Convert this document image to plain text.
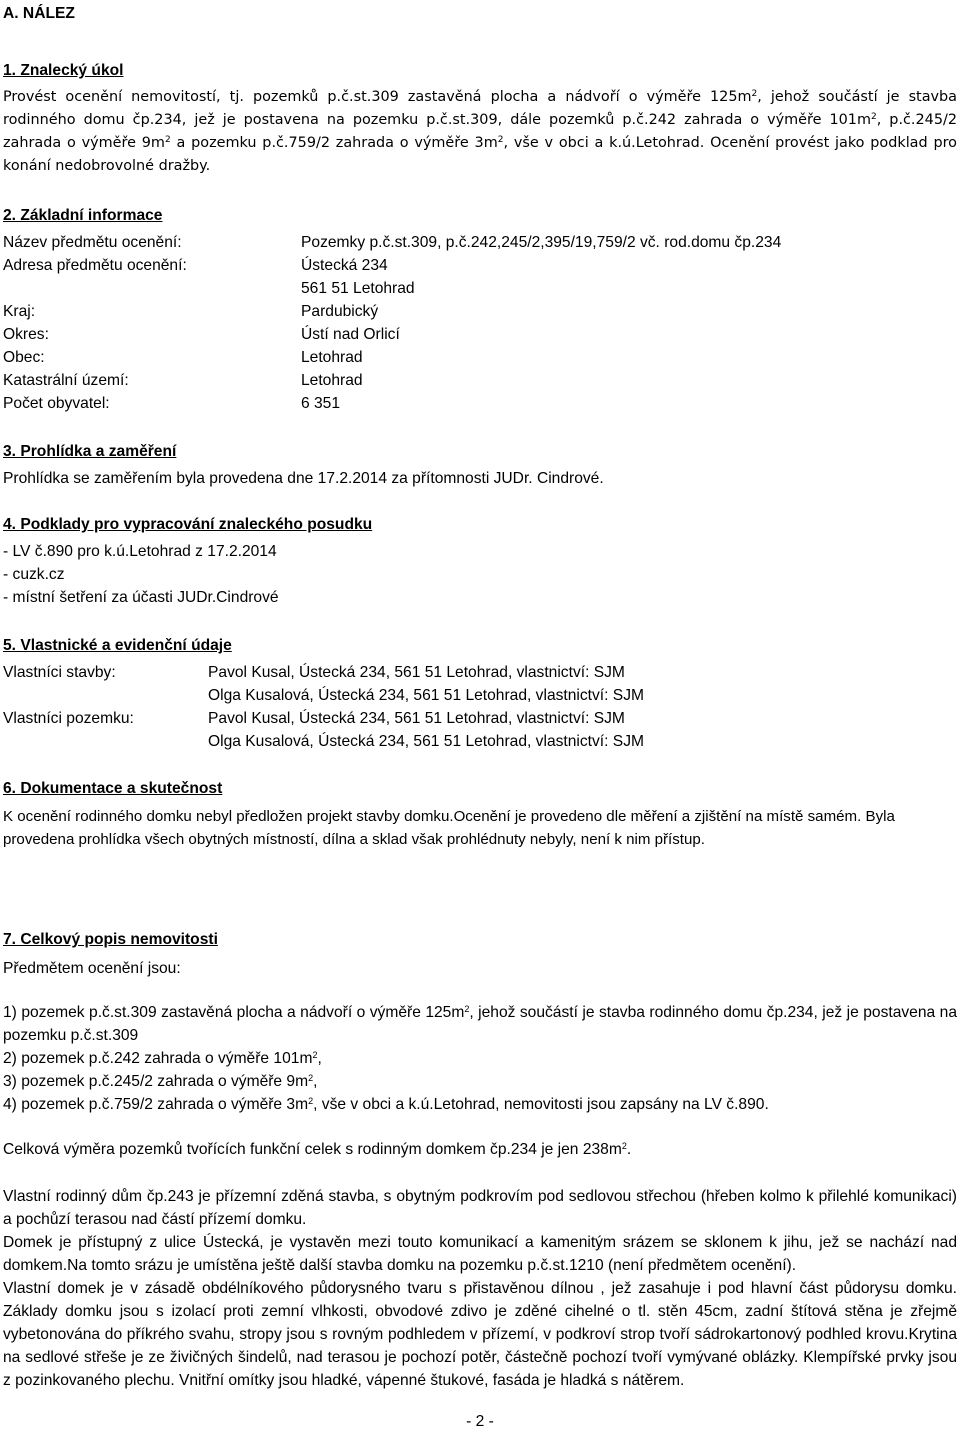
A. NÁLEZ
1. Znalecký úkol
Provést ocenění nemovitostí, tj. pozemků p.č.st.309 zastavěná plocha a nádvoří o výměře $125m^2$, jehož součástí je stavba rodinného domu čp.234, jež je postavena na pozemku p.č.st.309, dále pozemků p.č.242 zahrada o výměře $101m^2$, p.č.245/2 zahrada o výměře $9m^2$ a pozemku p.č.759/2 zahrada o výměře $3m^2$, vše v obci a k.ú.Letohrad. Ocenění provést jako podklad pro konání nedobrovolné dražby.
2. Základní informace
Název předmětu ocenění:	Pozemky p.č.st.309, p.č.242,245/2,395/19,759/2 vč. rod.domu čp.234
Adresa předmětu ocenění:	Ústecká 234
561 51 Letohrad
Kraj:	Pardubický
Okres:	Ústí nad Orlicí
Obec:	Letohrad
Katastrální území:	Letohrad
Počet obyvatel:	6 351
3. Prohlídka a zaměření
Prohlídka se zaměřením byla provedena dne 17.2.2014 za přítomnosti JUDr. Cindrové.
4. Podklady pro vypracování znaleckého posudku
- LV č.890 pro k.ú.Letohrad z 17.2.2014
- cuzk.cz
- místní šetření za účasti JUDr.Cindrové
5. Vlastnické a evidenční údaje
Vlastníci stavby:	Pavol Kusal, Ústecká 234, 561 51 Letohrad, vlastnictví: SJM
Olga Kusalová, Ústecká 234, 561 51 Letohrad, vlastnictví: SJM
Vlastníci pozemku:	Pavol Kusal, Ústecká 234, 561 51 Letohrad, vlastnictví: SJM
Olga Kusalová, Ústecká 234, 561 51 Letohrad, vlastnictví: SJM
6. Dokumentace a skutečnost
K ocenění rodinného domku nebyl předložen projekt stavby domku.Ocenění je provedeno dle měření a zjištění na místě samém. Byla provedena prohlídka všech obytných místností, dílna a sklad však prohlédnuty nebyly, není k nim přístup.
7. Celkový popis nemovitosti
Předmětem ocenění jsou:
1) pozemek p.č.st.309 zastavěná plocha a nádvoří o výměře $125m^2$, jehož součástí je stavba rodinného domu čp.234, jež je postavena na pozemku p.č.st.309
2) pozemek p.č.242 zahrada o výměře $101m^2$,
3) pozemek p.č.245/2 zahrada o výměře $9m^2$,
4) pozemek p.č.759/2 zahrada o výměře $3m^2$, vše v obci a k.ú.Letohrad, nemovitosti jsou zapsány na LV č.890.
Celková výměra pozemků tvořících funkční celek s rodinným domkem čp.234 je jen $238m^2$.
Vlastní rodinný dům čp.243 je přízemní zděná stavba, s obytným podkrovím pod sedlovou střechou (hřeben kolmo k přilehlé komunikaci) a pochůzí terasou nad částí přízemí domku.
Domek je přístupný z ulice Ústecká, je vystavěn mezi touto komunikací a kamenitým srázem se sklonem k jihu, jež se nachází nad domkem.Na tomto srázu je umístěna ještě další stavba domku na pozemku p.č.st.1210 (není předmětem ocenění).
Vlastní domek je v zásadě obdélníkového půdorysného tvaru s přistavěnou dílnou , jež zasahuje i pod hlavní část půdorysu domku. Základy domku jsou s izolací proti zemní vlhkosti, obvodové zdivo je zděné cihelné o tl. stěn 45cm, zadní štítová stěna je zřejmě vybetonována do příkrého svahu, stropy jsou s rovným podhledem v přízemí, v podkroví strop tvoří sádrokartonový podhled krovu.Krytina na sedlové střeše je ze živičných šindelů, nad terasou je pochozí potěr, částečně pochozí tvoří vymývané oblázky. Klempířské prvky jsou z pozinkovaného plechu. Vnitřní omítky jsou hladké, vápenné štukové, fasáda je hladká s nátěrem.
- 2 -
